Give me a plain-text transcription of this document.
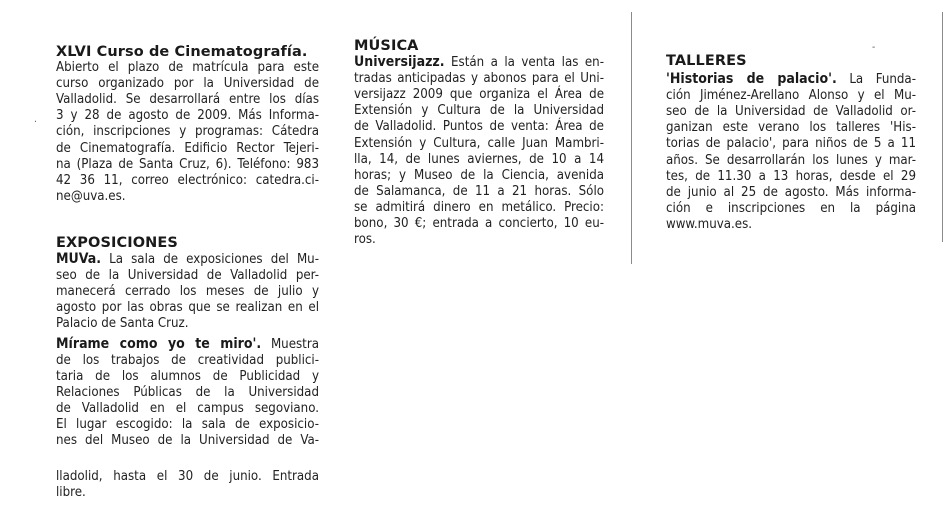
·
-
XLVI Curso de Cinematografía.
Abierto el plazo de matrícula para este
curso organizado por la Universidad de
Valladolid. Se desarrollará entre los días
3 y 28 de agosto de 2009. Más Informa-
ción, inscripciones y programas: Cátedra
de Cinematografía. Edificio Rector Tejeri-
na (Plaza de Santa Cruz, 6). Teléfono: 983
42 36 11, correo electrónico: catedra.ci-
ne@uva.es.
EXPOSICIONES
MUVa. La sala de exposiciones del Mu-
seo de la Universidad de Valladolid per-
manecerá cerrado los meses de julio y
agosto por las obras que se realizan en el
Palacio de Santa Cruz.
Mírame como yo te miro'. Muestra
de los trabajos de creatividad publici-
taria de los alumnos de Publicidad y
Relaciones Públicas de la Universidad
de Valladolid en el campus segoviano.
El lugar escogido: la sala de exposicio-
nes del Museo de la Universidad de Va-
lladolid, hasta el 30 de junio. Entrada
libre.
MÚSICA
Universijazz. Están a la venta las en-
tradas anticipadas y abonos para el Uni-
versijazz 2009 que organiza el Área de
Extensión y Cultura de la Universidad
de Valladolid. Puntos de venta: Área de
Extensión y Cultura, calle Juan Mambri-
lla, 14, de lunes aviernes, de 10 a 14
horas; y Museo de la Ciencia, avenida
de Salamanca, de 11 a 21 horas. Sólo
se admitirá dinero en metálico. Precio:
bono, 30 €; entrada a concierto, 10 eu-
ros.
TALLERES
'Historias de palacio'. La Funda-
ción Jiménez-Arellano Alonso y el Mu-
seo de la Universidad de Valladolid or-
ganizan este verano los talleres 'His-
torias de palacio', para niños de 5 a 11
años. Se desarrollarán los lunes y mar-
tes, de 11.30 a 13 horas, desde el 29
de junio al 25 de agosto. Más informa-
ción e inscripciones en la página
www.muva.es.
